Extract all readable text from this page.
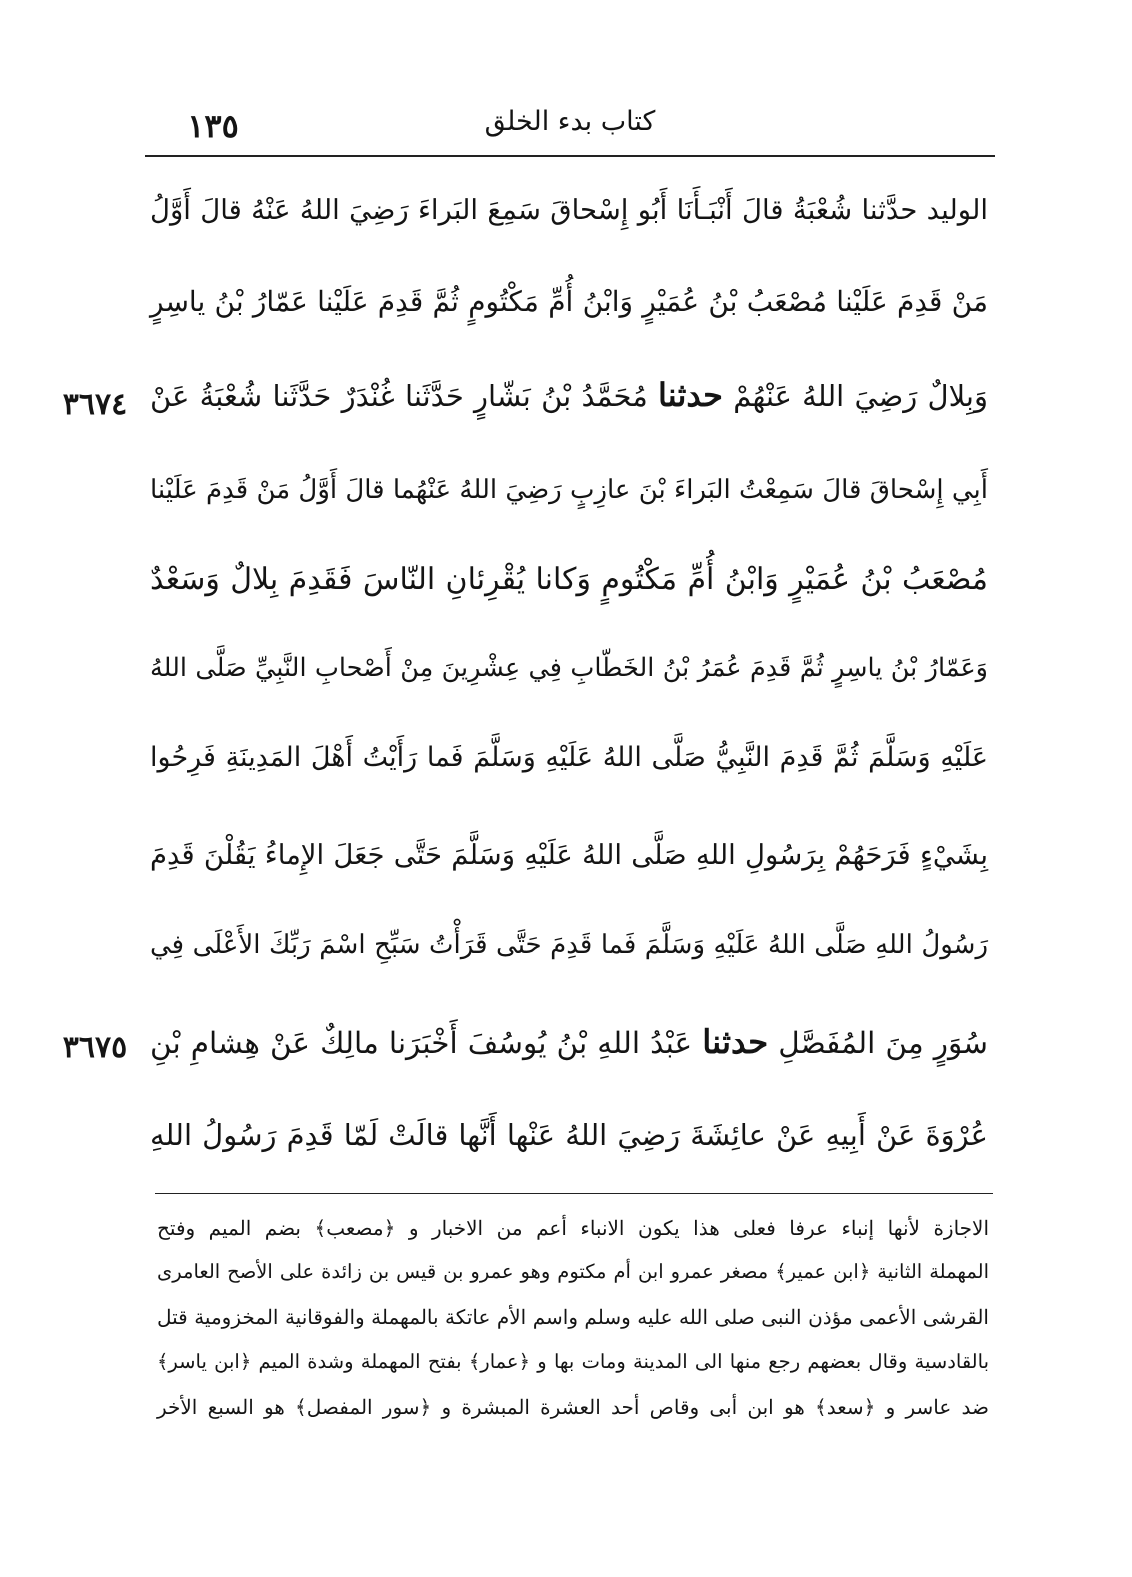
كتاب بدء الخلق
١٣٥
الوليد حدَّثنا شُعْبَةُ قالَ أَنْبَـأَنَا أَبُو إِسْحاقَ سَمِعَ البَراءَ رَضِيَ اللهُ عَنْهُ قالَ أَوَّلُ
مَنْ قَدِمَ عَلَيْنا مُصْعَبُ بْنُ عُمَيْرٍ وَابْنُ أُمِّ مَكْتُومٍ ثُمَّ قَدِمَ عَلَيْنا عَمّارُ بْنُ ياسِرٍ
٣٦٧٤	وَبِلالٌ رَضِيَ اللهُ عَنْهُمْ حدثنا مُحَمَّدُ بْنُ بَشّارٍ حَدَّثَنا غُنْدَرٌ حَدَّثَنا شُعْبَةُ عَنْ
أَبِي إِسْحاقَ قالَ سَمِعْتُ البَراءَ بْنَ عازِبٍ رَضِيَ اللهُ عَنْهُما قالَ أَوَّلُ مَنْ قَدِمَ عَلَيْنا
مُصْعَبُ بْنُ عُمَيْرٍ وَابْنُ أُمِّ مَكْتُومٍ وَكانا يُقْرِئانِ النّاسَ فَقَدِمَ بِلالٌ وَسَعْدٌ
وَعَمّارُ بْنُ ياسِرٍ ثُمَّ قَدِمَ عُمَرُ بْنُ الخَطّابِ فِي عِشْرِينَ مِنْ أَصْحابِ النَّبِيِّ صَلَّى اللهُ
عَلَيْهِ وَسَلَّمَ ثُمَّ قَدِمَ النَّبِيُّ صَلَّى اللهُ عَلَيْهِ وَسَلَّمَ فَما رَأَيْتُ أَهْلَ المَدِينَةِ فَرِحُوا
بِشَيْءٍ فَرَحَهُمْ بِرَسُولِ اللهِ صَلَّى اللهُ عَلَيْهِ وَسَلَّمَ حَتَّى جَعَلَ الإِماءُ يَقُلْنَ قَدِمَ
رَسُولُ اللهِ صَلَّى اللهُ عَلَيْهِ وَسَلَّمَ فَما قَدِمَ حَتَّى قَرَأْتُ سَبِّحِ اسْمَ رَبِّكَ الأَعْلَى فِي
٣٦٧٥	سُوَرٍ مِنَ المُفَصَّلِ حدثنا عَبْدُ اللهِ بْنُ يُوسُفَ أَخْبَرَنا مالِكٌ عَنْ هِشامِ بْنِ
عُرْوَةَ عَنْ أَبِيهِ عَنْ عائِشَةَ رَضِيَ اللهُ عَنْها أَنَّها قالَتْ لَمّا قَدِمَ رَسُولُ اللهِ
الاجازة لأنها إنباء عرفا فعلى هذا يكون الانباء أعم من الاخبار و ﴿مصعب﴾ بضم الميم وفتح
المهملة الثانية ﴿ابن عمير﴾ مصغر عمرو ابن أم مكتوم وهو عمرو بن قيس بن زائدة على الأصح العامرى
القرشى الأعمى مؤذن النبى صلى الله عليه وسلم واسم الأم عاتكة بالمهملة والفوقانية المخزومية قتل
بالقادسية وقال بعضهم رجع منها الى المدينة ومات بها و ﴿عمار﴾ بفتح المهملة وشدة الميم ﴿ابن ياسر﴾
ضد عاسر و ﴿سعد﴾ هو ابن أبى وقاص أحد العشرة المبشرة و ﴿سور المفصل﴾ هو السبع الأخر
